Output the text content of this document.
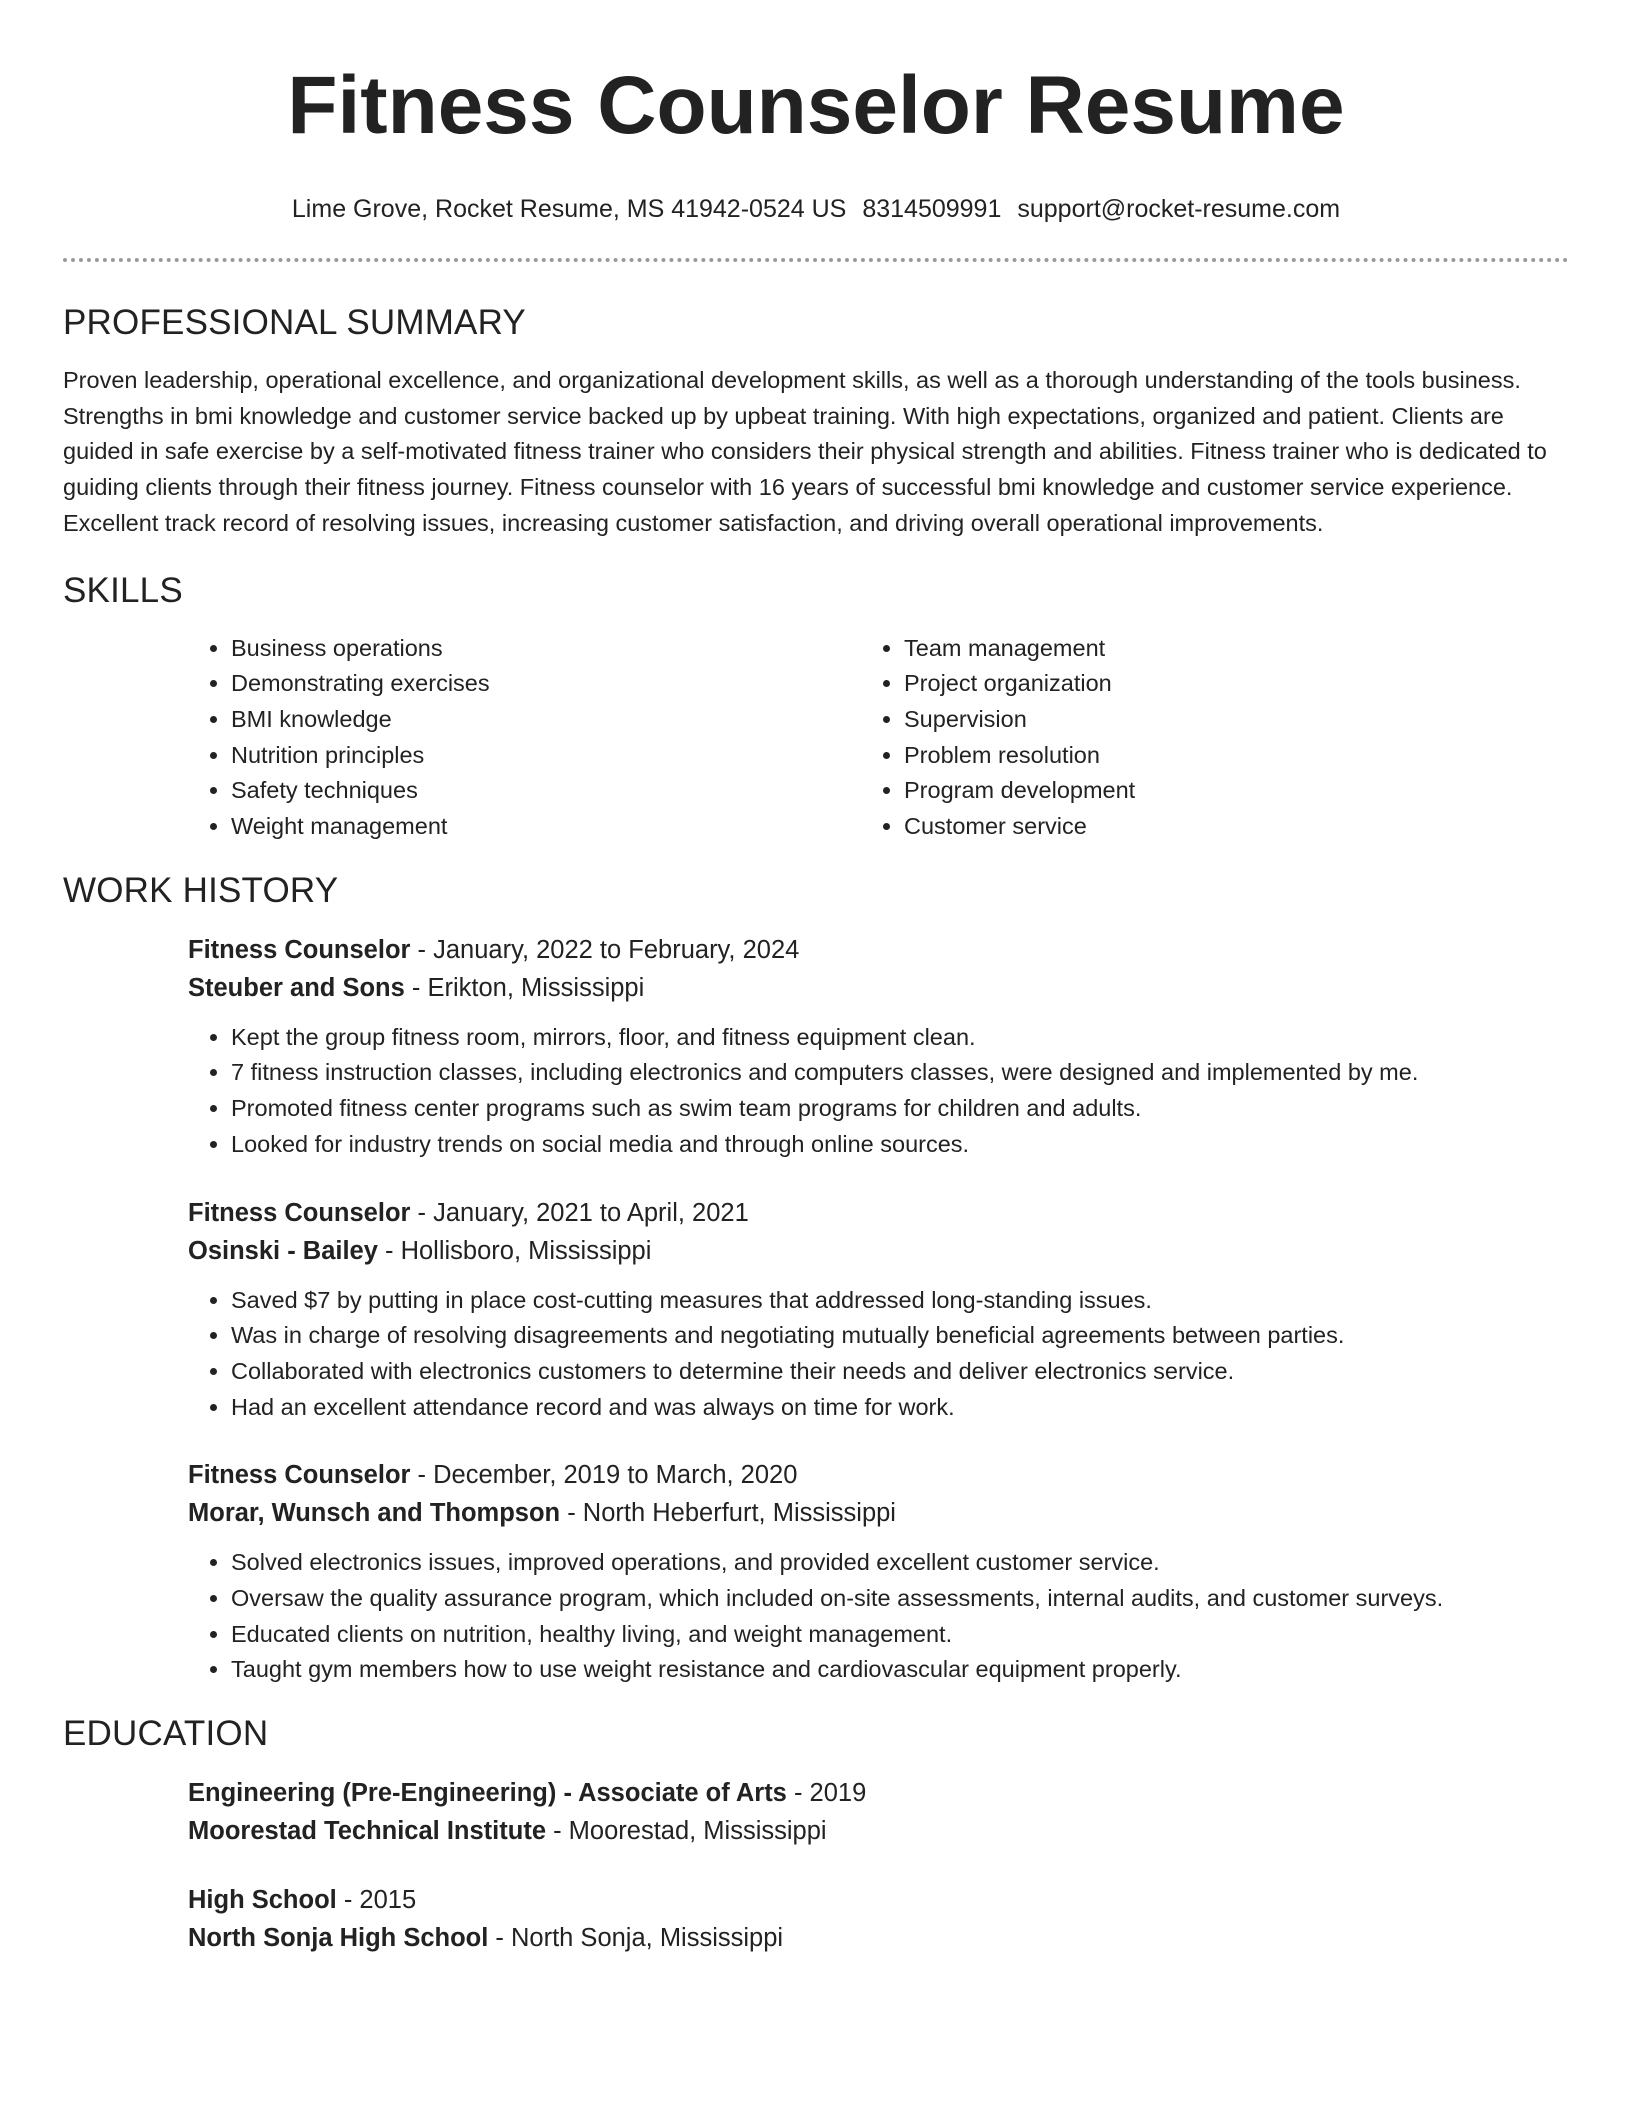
Fitness Counselor Resume
Lime Grove, Rocket Resume, MS 41942-0524 US 8314509991 support@rocket-resume.com
PROFESSIONAL SUMMARY

Proven leadership, operational excellence, and organizational development skills, as well as a thorough understanding of the tools business. Strengths in bmi knowledge and customer service backed up by upbeat training. With high expectations, organized and patient. Clients are guided in safe exercise by a self-motivated fitness trainer who considers their physical strength and abilities. Fitness trainer who is dedicated to guiding clients through their fitness journey. Fitness counselor with 16 years of successful bmi knowledge and customer service experience. Excellent track record of resolving issues, increasing customer satisfaction, and driving overall operational improvements.

SKILLS
• Business operations
• Demonstrating exercises
• BMI knowledge
• Nutrition principles
• Safety techniques
• Weight management
• Team management
• Project organization
• Supervision
• Problem resolution
• Program development
• Customer service
WORK HISTORY
Fitness Counselor - January, 2022 to February, 2024
Steuber and Sons - Erikton, Mississippi
• Kept the group fitness room, mirrors, floor, and fitness equipment clean.
• 7 fitness instruction classes, including electronics and computers classes, were designed and implemented by me.
• Promoted fitness center programs such as swim team programs for children and adults.
• Looked for industry trends on social media and through online sources.
Fitness Counselor - January, 2021 to April, 2021
Osinski - Bailey - Hollisboro, Mississippi
• Saved $7 by putting in place cost-cutting measures that addressed long-standing issues.
• Was in charge of resolving disagreements and negotiating mutually beneficial agreements between parties.
• Collaborated with electronics customers to determine their needs and deliver electronics service.
• Had an excellent attendance record and was always on time for work.
Fitness Counselor - December, 2019 to March, 2020
Morar, Wunsch and Thompson - North Heberfurt, Mississippi
• Solved electronics issues, improved operations, and provided excellent customer service.
• Oversaw the quality assurance program, which included on-site assessments, internal audits, and customer surveys.
• Educated clients on nutrition, healthy living, and weight management.
• Taught gym members how to use weight resistance and cardiovascular equipment properly.
EDUCATION
Engineering (Pre-Engineering) - Associate of Arts - 2019
Moorestad Technical Institute - Moorestad, Mississippi
High School - 2015
North Sonja High School - North Sonja, Mississippi
